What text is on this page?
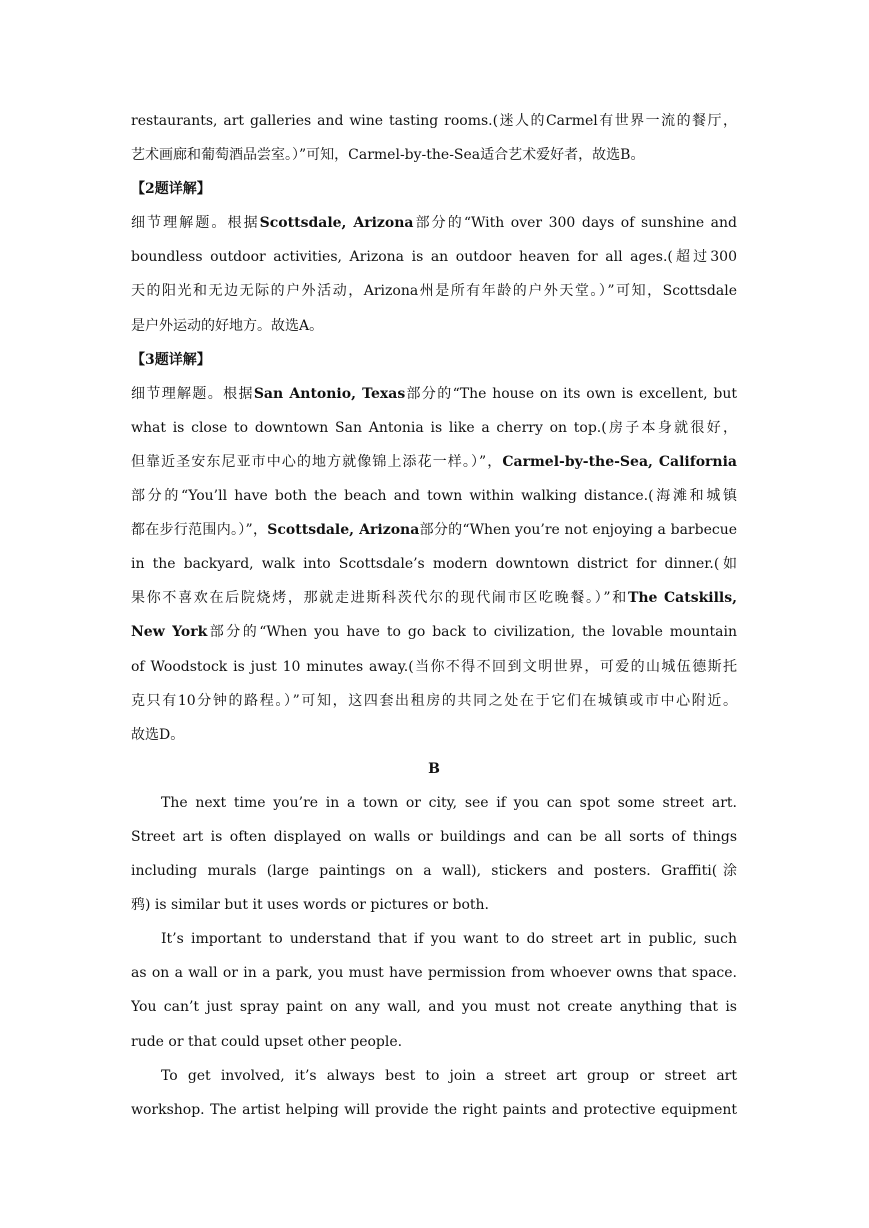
restaurants, art galleries and wine tasting rooms.(迷人的Carmel有世界一流的餐厅，
艺术画廊和葡萄酒品尝室。）”可知，Carmel-by-the-Sea适合艺术爱好者，故选B。
【2题详解】
细节理解题。根据Scottsdale, Arizona部分的“With over 300 days of sunshine and
boundless outdoor activities, Arizona is an outdoor heaven for all ages.(超过300
天的阳光和无边无际的户外活动，Arizona州是所有年龄的户外天堂。）”可知，Scottsdale
是户外运动的好地方。故选A。
【3题详解】
细节理解题。根据San Antonio, Texas部分的“The house on its own is excellent, but
what is close to downtown San Antonia is like a cherry on top.(房子本身就很好，
但靠近圣安东尼亚市中心的地方就像锦上添花一样。）”，Carmel-by-the-Sea, California
部分的“You’ll have both the beach and town within walking distance.(海滩和城镇
都在步行范围内。）”，Scottsdale, Arizona部分的“When you’re not enjoying a barbecue
in the backyard, walk into Scottsdale’s modern downtown district for dinner.(如
果你不喜欢在后院烧烤，那就走进斯科茨代尔的现代闹市区吃晚餐。）”和The Catskills,
New York部分的“When you have to go back to civilization, the lovable mountain
of Woodstock is just 10 minutes away.(当你不得不回到文明世界，可爱的山城伍德斯托
克只有10分钟的路程。）”可知，这四套出租房的共同之处在于它们在城镇或市中心附近。
故选D。
B
The next time you’re in a town or city, see if you can spot some street art.
Street art is often displayed on walls or buildings and can be all sorts of things
including murals (large paintings on a wall), stickers and posters. Graffiti(涂
鸦) is similar but it uses words or pictures or both.
It’s important to understand that if you want to do street art in public, such
as on a wall or in a park, you must have permission from whoever owns that space.
You can’t just spray paint on any wall, and you must not create anything that is
rude or that could upset other people.
To get involved, it’s always best to join a street art group or street art
workshop. The artist helping will provide the right paints and protective equipment
